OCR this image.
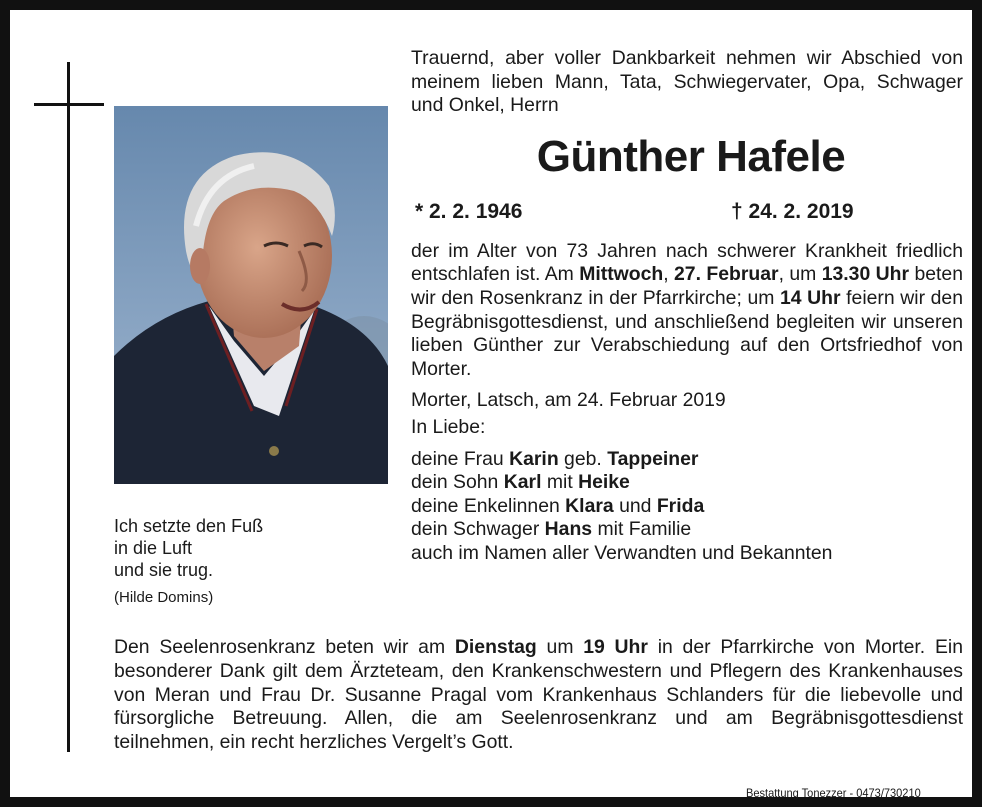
Ich setzte den Fuß
in die Luft
und sie trug.
(Hilde Domins)
Trauernd, aber voller Dankbarkeit nehmen wir Abschied von meinem lieben Mann, Tata, Schwiegervater, Opa, Schwager und Onkel, Herrn
Günther Hafele
* 2. 2. 1946	† 24. 2. 2019
der im Alter von 73 Jahren nach schwerer Krankheit friedlich entschlafen ist. Am Mittwoch, 27. Februar, um 13.30 Uhr beten wir den Rosenkranz in der Pfarrkirche; um 14 Uhr feiern wir den Begräbnisgottesdienst, und anschließend begleiten wir unseren lieben Günther zur Verabschiedung auf den Ortsfriedhof von Morter.
Morter, Latsch, am 24. Februar 2019
In Liebe:
deine Frau Karin geb. Tappeiner
dein Sohn Karl mit Heike
deine Enkelinnen Klara und Frida
dein Schwager Hans mit Familie
auch im Namen aller Verwandten und Bekannten
Den Seelenrosenkranz beten wir am Dienstag um 19 Uhr in der Pfarrkirche von Morter. Ein besonderer Dank gilt dem Ärzteteam, den Krankenschwestern und Pflegern des Krankenhauses von Meran und Frau Dr. Susanne Pragal vom Krankenhaus Schlanders für die liebevolle und fürsorgliche Betreuung. Allen, die am Seelenrosenkranz und am Begräbnisgottesdienst teilnehmen, ein recht herzliches Vergelt’s Gott.
Bestattung Tonezzer - 0473/730210
